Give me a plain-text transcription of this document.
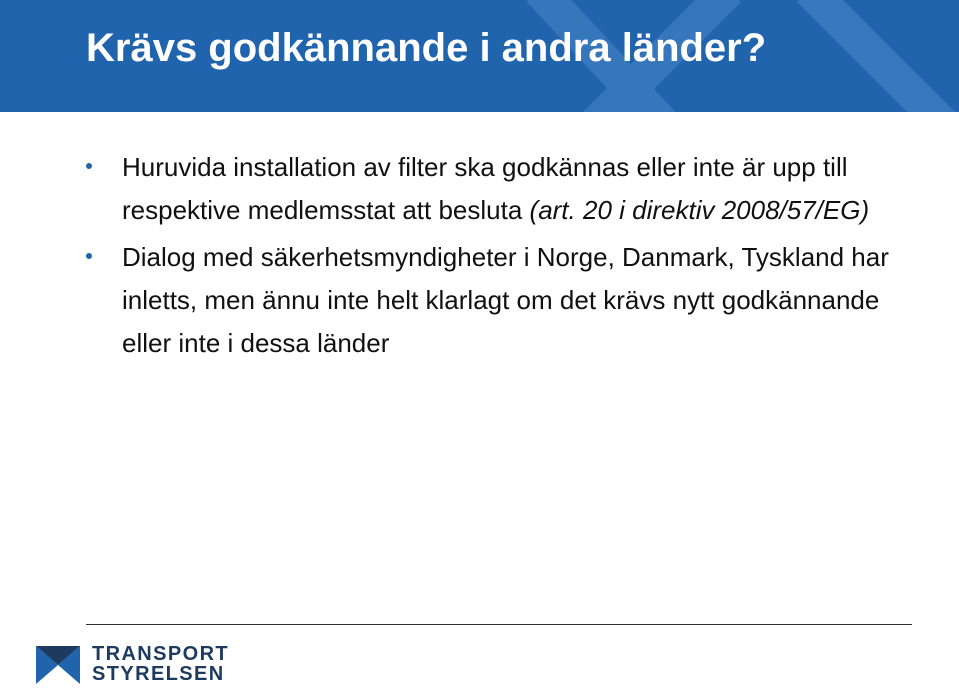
Krävs godkännande i andra länder?
Huruvida installation av filter ska godkännas eller inte är upp till respektive medlemsstat att besluta (art. 20 i direktiv 2008/57/EG)
Dialog med säkerhetsmyndigheter i Norge, Danmark, Tyskland har inletts, men ännu inte helt klarlagt om det krävs nytt godkännande eller inte i dessa länder
TRANSPORT
STYRELSEN
